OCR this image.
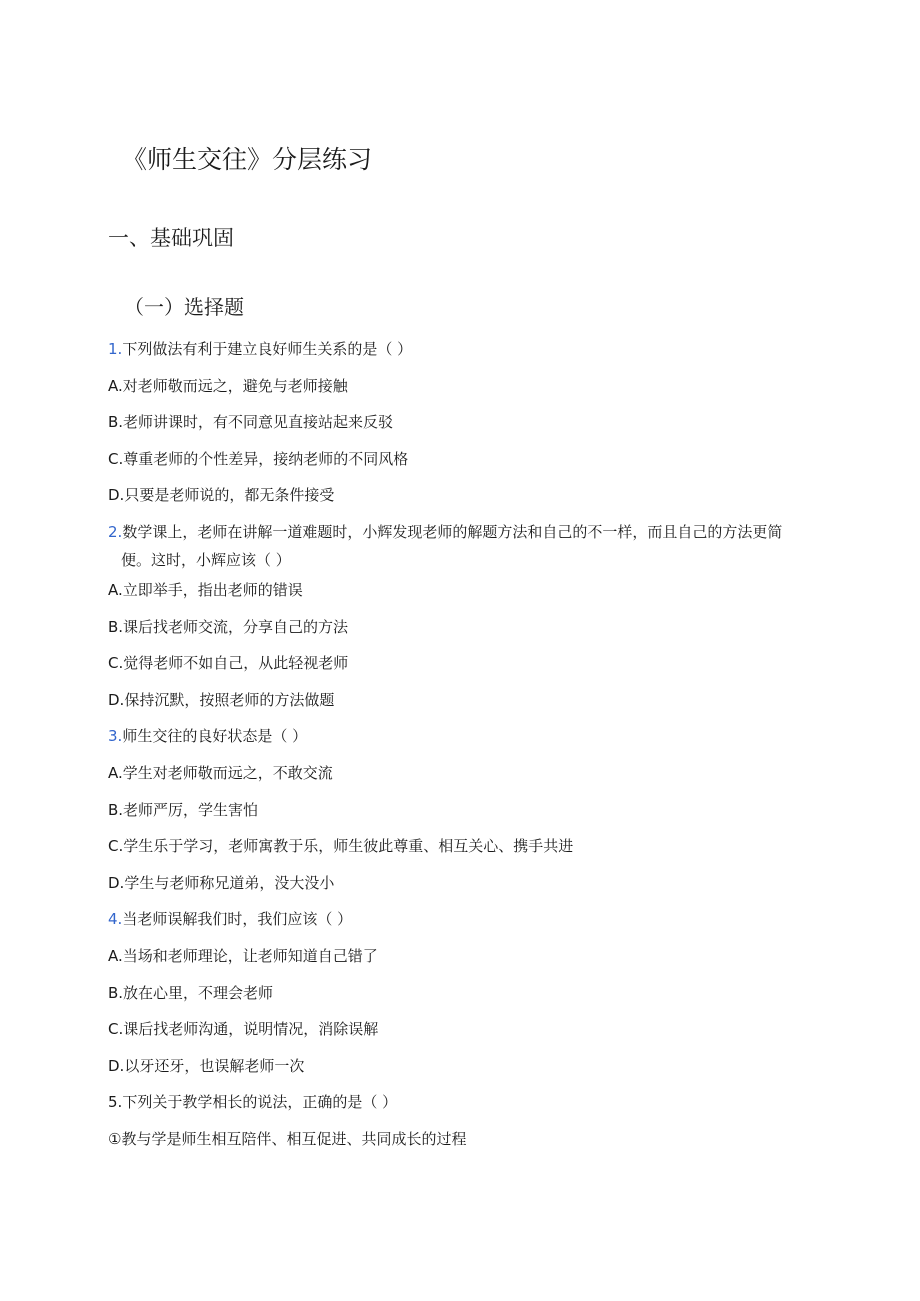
《师生交往》分层练习
一、基础巩固
（一）选择题
1.下列做法有利于建立良好师生关系的是（ ）
A.对老师敬而远之，避免与老师接触
B.老师讲课时，有不同意见直接站起来反驳
C.尊重老师的个性差异，接纳老师的不同风格
D.只要是老师说的，都无条件接受
2.数学课上，老师在讲解一道难题时，小辉发现老师的解题方法和自己的不一样，而且自己的方法更简便。这时，小辉应该（ ）
A.立即举手，指出老师的错误
B.课后找老师交流，分享自己的方法
C.觉得老师不如自己，从此轻视老师
D.保持沉默，按照老师的方法做题
3.师生交往的良好状态是（ ）
A.学生对老师敬而远之，不敢交流
B.老师严厉，学生害怕
C.学生乐于学习，老师寓教于乐，师生彼此尊重、相互关心、携手共进
D.学生与老师称兄道弟，没大没小
4.当老师误解我们时，我们应该（ ）
A.当场和老师理论，让老师知道自己错了
B.放在心里，不理会老师
C.课后找老师沟通，说明情况，消除误解
D.以牙还牙，也误解老师一次
5.下列关于教学相长的说法，正确的是（ ）
①教与学是师生相互陪伴、相互促进、共同成长的过程
